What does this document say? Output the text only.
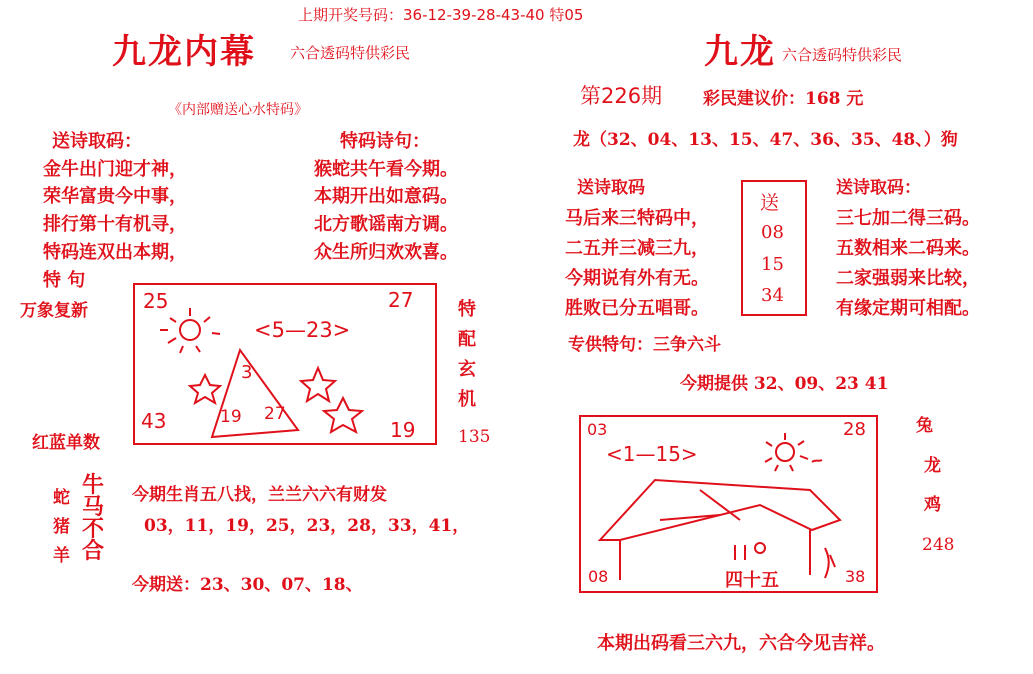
上期开奖号码：36-12-39-28-43-40 特05
九龙内幕 六合透码特供彩民
《内部赠送心水特码》
送诗取码：	特码诗句：
金牛出门迎才神，
荣华富贵今中事，
排行第十有机寻，
特码连双出本期，
猴蛇共午看今期。
本期开出如意码。
北方歌谣南方调。
众生所归欢欢喜。
特 句
万象复新
红蓝单数
特
配
玄
机
135
25	27
43	19
<5—23>
3
19 27
蛇
猪
羊
牛
马
不
合
今期生肖五八找，兰兰六六有财发
03，11，19，25，23，28，33，41，
今期送：23、30、07、18、
九龙 六合透码特供彩民
第226期 彩民建议价：168 元
龙（32、04、13、15、47、36、35、48、）狗
送诗取码	送诗取码：
马后来三特码中，
二五并三减三九，
今期说有外有无。
胜败已分五唱哥。
三七加二得三码。
五数相来二码来。
二家强弱来比较，
有缘定期可相配。
送
08
15
34
专供特句：三争六斗
今期提供 32、09、23 41
03	28
08	38
<1—15>
四十五
兔
龙
鸡
248
本期出码看三六九，六合今见吉祥。
